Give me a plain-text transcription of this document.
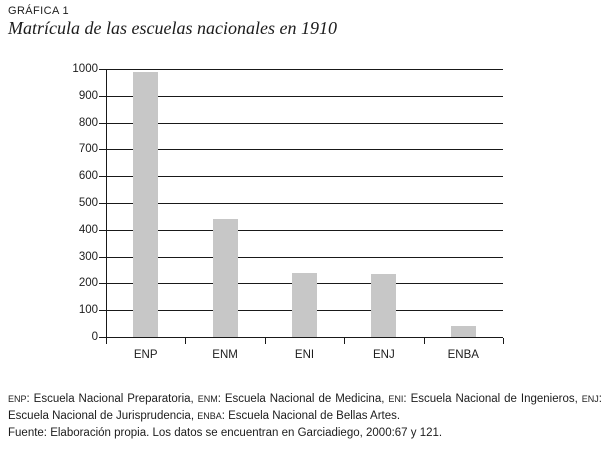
GRÁFICA 1
Matrícula de las escuelas nacionales en 1910
0
100
200
300
400
500
600
700
800
900
1000
ENP	ENM	ENI	ENJ	ENBA
ENP: Escuela Nacional Preparatoria, ENM: Escuela Nacional de Medicina, ENI: Escuela Nacional de Ingenieros, ENJ:
Escuela Nacional de Jurisprudencia, ENBA: Escuela Nacional de Bellas Artes.
Fuente: Elaboración propia. Los datos se encuentran en Garciadiego, 2000:67 y 121.
